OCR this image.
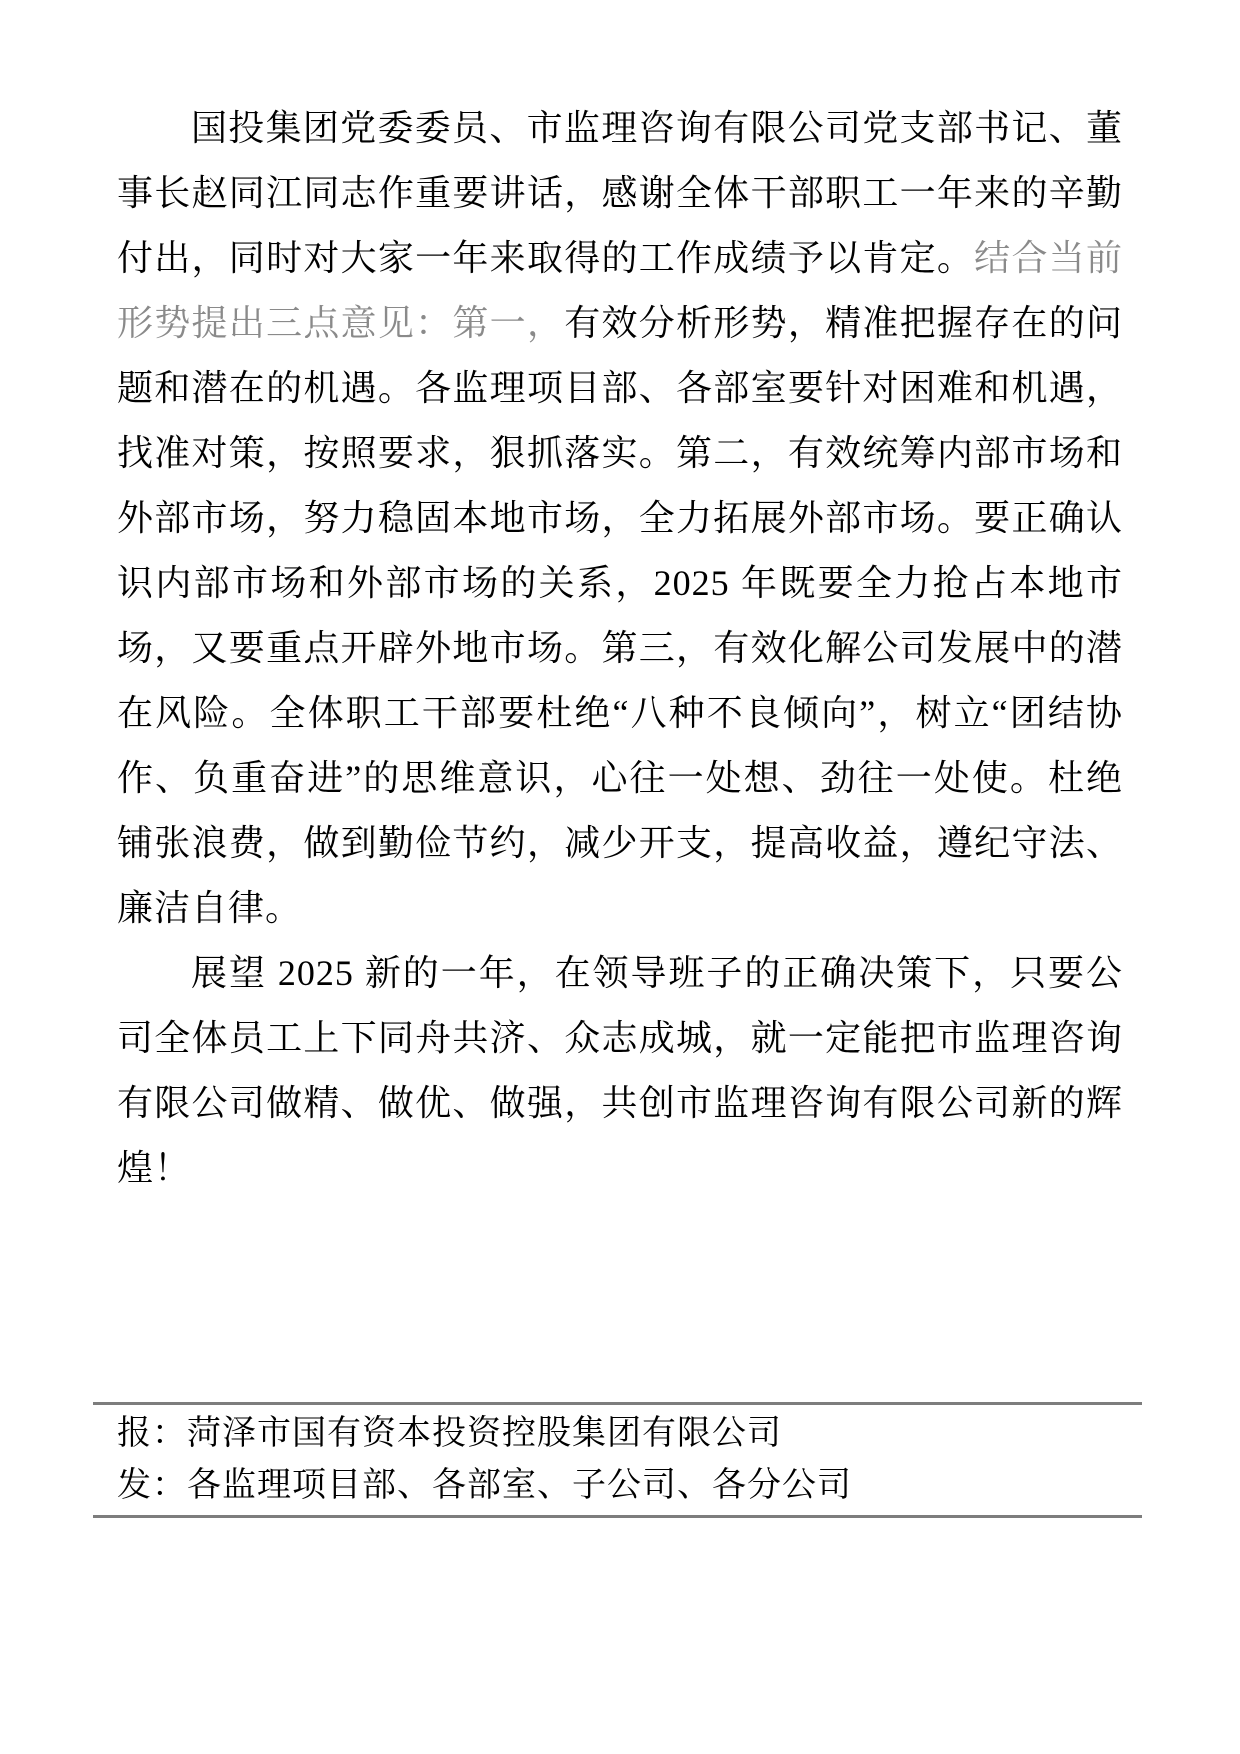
国投集团党委委员、市监理咨询有限公司党支部书记、董事长赵同江同志作重要讲话，感谢全体干部职工一年来的辛勤付出，同时对大家一年来取得的工作成绩予以肯定。结合当前形势提出三点意见：第一，有效分析形势，精准把握存在的问题和潜在的机遇。各监理项目部、各部室要针对困难和机遇，找准对策，按照要求，狠抓落实。第二，有效统筹内部市场和外部市场，努力稳固本地市场，全力拓展外部市场。要正确认识内部市场和外部市场的关系，2025 年既要全力抢占本地市场，又要重点开辟外地市场。第三，有效化解公司发展中的潜在风险。全体职工干部要杜绝“八种不良倾向”，树立“团结协作、负重奋进”的思维意识，心往一处想、劲往一处使。杜绝铺张浪费，做到勤俭节约，减少开支，提高收益，遵纪守法、廉洁自律。

展望 2025 新的一年，在领导班子的正确决策下，只要公司全体员工上下同舟共济、众志成城，就一定能把市监理咨询有限公司做精、做优、做强，共创市监理咨询有限公司新的辉煌！

报：菏泽市国有资本投资控股集团有限公司

发：各监理项目部、各部室、子公司、各分公司
